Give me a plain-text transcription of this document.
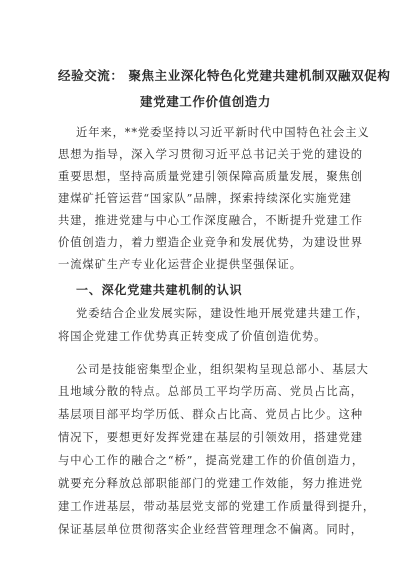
经验交流： 聚焦主业深化特色化党建共建机制双融双促构
建党建工作价值创造力
近年来，**党委坚持以习近平新时代中国特色社会主义
思想为指导，深入学习贯彻习近平总书记关于党的建设的
重要思想，坚持高质量党建引领保障高质量发展，聚焦创
建煤矿托管运营“国家队”品牌，探索持续深化实施党建
共建，推进党建与中心工作深度融合，不断提升党建工作
价值创造力，着力塑造企业竞争和发展优势，为建设世界
一流煤矿生产专业化运营企业提供坚强保证。
一、深化党建共建机制的认识
党委结合企业发展实际，建设性地开展党建共建工作，
将国企党建工作优势真正转变成了价值创造优势。
公司是技能密集型企业，组织架构呈现总部小、基层大
且地域分散的特点。总部员工平均学历高、党员占比高，
基层项目部平均学历低、群众占比高、党员占比少。这种
情况下，要想更好发挥党建在基层的引领效用，搭建党建
与中心工作的融合之“桥”，提高党建工作的价值创造力，
就要充分释放总部职能部门的党建工作效能，努力推进党
建工作进基层，带动基层党支部的党建工作质量得到提升，
保证基层单位贯彻落实企业经营管理理念不偏离。同时，
